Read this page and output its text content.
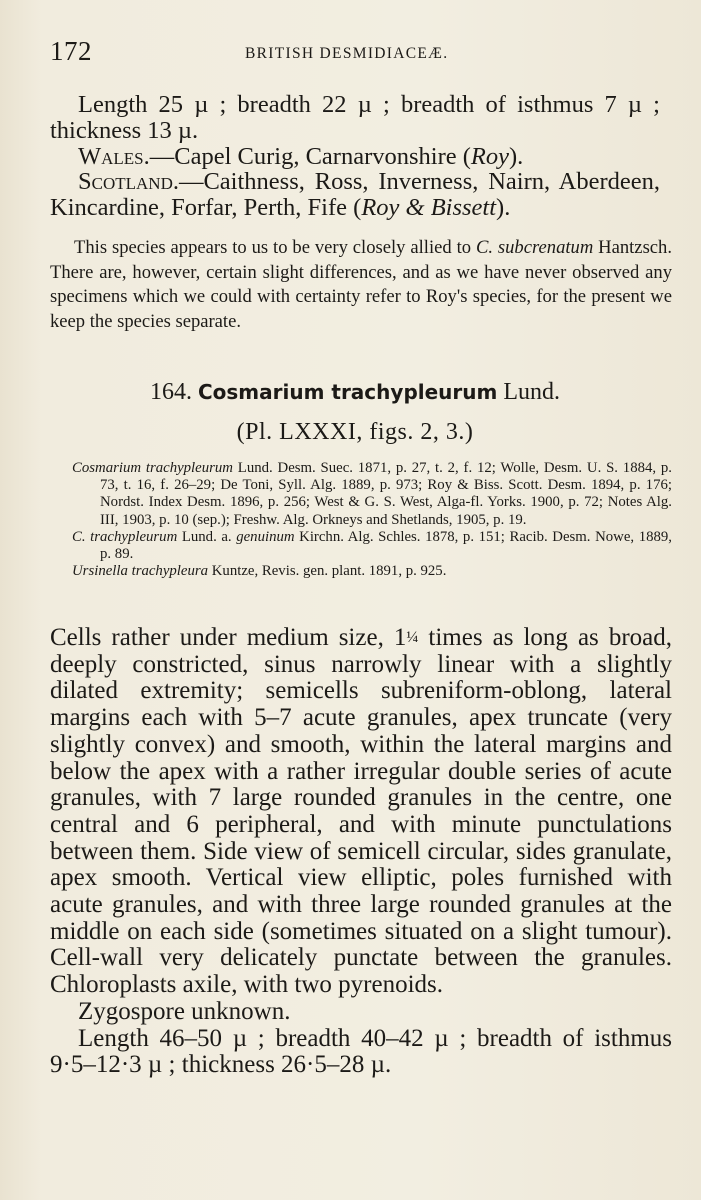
172	BRITISH DESMIDIACEÆ.

Length 25 µ ; breadth 22 µ ; breadth of isthmus 7 µ ; thickness 13 µ.

Wales.—Capel Curig, Carnarvonshire (Roy).

Scotland.—Caithness, Ross, Inverness, Nairn, Aberdeen, Kincardine, Forfar, Perth, Fife (Roy & Bissett).

This species appears to us to be very closely allied to C. subcrenatum Hantzsch. There are, however, certain slight differences, and as we have never observed any specimens which we could with certainty refer to Roy's species, for the present we keep the species separate.

164. Cosmarium trachypleurum Lund.
(Pl. LXXXI, figs. 2, 3.)

Cosmarium trachypleurum Lund. Desm. Suec. 1871, p. 27, t. 2, f. 12; Wolle, Desm. U. S. 1884, p. 73, t. 16, f. 26–29; De Toni, Syll. Alg. 1889, p. 973; Roy & Biss. Scott. Desm. 1894, p. 176; Nordst. Index Desm. 1896, p. 256; West & G. S. West, Alga-fl. Yorks. 1900, p. 72; Notes Alg. III, 1903, p. 10 (sep.); Freshw. Alg. Orkneys and Shetlands, 1905, p. 19.

C. trachypleurum Lund. a. genuinum Kirchn. Alg. Schles. 1878, p. 151; Racib. Desm. Nowe, 1889, p. 89.

Ursinella trachypleura Kuntze, Revis. gen. plant. 1891, p. 925.

Cells rather under medium size, 1¼ times as long as broad, deeply constricted, sinus narrowly linear with a slightly dilated extremity; semicells subreniform-oblong, lateral margins each with 5–7 acute granules, apex truncate (very slightly convex) and smooth, within the lateral margins and below the apex with a rather irregular double series of acute granules, with 7 large rounded granules in the centre, one central and 6 peripheral, and with minute punctulations between them. Side view of semicell circular, sides granulate, apex smooth. Vertical view elliptic, poles furnished with acute granules, and with three large rounded granules at the middle on each side (sometimes situated on a slight tumour). Cell-wall very delicately punctate between the granules. Chloroplasts axile, with two pyrenoids.

Zygospore unknown.

Length 46–50 µ ; breadth 40–42 µ ; breadth of isthmus 9·5–12·3 µ ; thickness 26·5–28 µ.
